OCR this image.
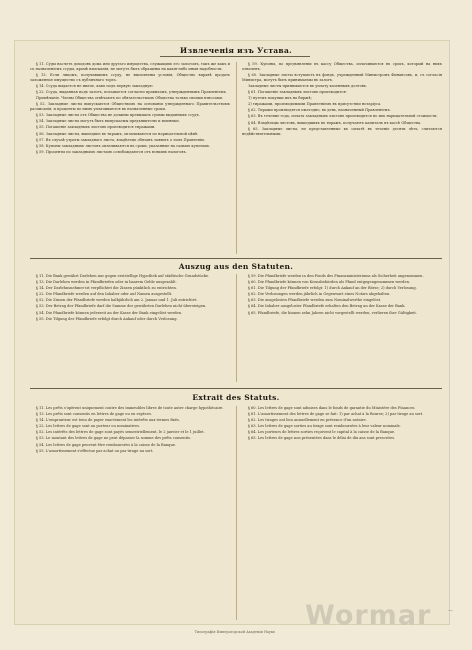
Извлеченія изъ Устава.

§ 11. Суды насчетъ доходовъ дома или другаго имущества, служащихъ его залогомъ, такъ же какъ и съ назначеніемъ ссуды, кромѣ взысканія, не могутъ быть обращены на какія-либо иныя надобности.

§ 13. Если лицомъ, получившимъ ссуду, не выполнены условія, Общество вправѣ продать заложенное имущество съ публичнаго торга.

§ 14. Ссуда выдается не иначе, какъ подъ первую закладную.

§ 22. Ссуда, выданная подъ залогъ, погашается согласно правиламъ, утвержденнымъ Правленіемъ.

Примѣчаніе. Члены Общества отвѣчаютъ по обязательствамъ Общества только своими взносами.

§ 52. Закладные листы выпускаются Обществомъ на основаніи утвержденнаго Правительствомъ расписанія, и проценты по нимъ уплачиваются въ назначенные сроки.

§ 53. Закладные листы отъ Общества не должны превышать суммы выданныхъ ссудъ.

§ 54. Закладные листы могутъ быть выпускаемы предъявителю и именные.

§ 55. Погашеніе закладныхъ листовъ производится тиражами.

§ 56. Закладные листы, вышедшіе въ тиражъ, оплачиваются по нарицательной цѣнѣ.

§ 57. Въ случаѣ утраты закладнаго листа, владѣлецъ обязанъ заявить о томъ Правленію.

§ 58. Купоны закладныхъ листовъ оплачиваются въ сроки, указанные на самыхъ купонахъ.

§ 59. Проценты по закладнымъ листамъ освобождаются отъ всякихъ налоговъ.

§ 59. Купоны, по предъявленіи въ кассу Общества, оплачиваются въ срокъ, который на нихъ означенъ.

§ 60. Закладные листы вступаютъ въ фондъ, учрежденный Министромъ Финансовъ, и, съ согласія Министра, могутъ быть принимаемы въ залогъ.

Закладные листы принимаются въ уплату казенныхъ долговъ.

§ 61. Погашеніе закладныхъ листовъ производится:

1) путемъ покупки ихъ на биржѣ;

2) тиражами, производимыми Правленіемъ въ присутствіи нотаріуса.

§ 62. Тиражи производятся ежегодно, въ день, назначенный Правленіемъ.

§ 63. Въ течение года, оплата закладныхъ листовъ производится по ихъ нарицательной стоимости.

§ 64. Владѣльцы листовъ, вышедшихъ въ тиражъ, получаютъ капиталъ въ кассѣ Общества.

§ 65. Закладные листы, не представленные къ оплатѣ въ теченіе десяти лѣтъ, считаются недѣйствительными.

Auszug aus den Statuten.

§ 11. Die Bank gewährt Darlehen nur gegen erststellige Hypothek auf städtische Grundstücke.

§ 13. Die Darlehen werden in Pfandbriefen oder in baarem Gelde ausgezahlt.

§ 14. Der Darlehnsnehmer ist verpflichtet die Zinsen pünktlich zu entrichten.

§ 22. Die Pfandbriefe werden auf den Inhaber oder auf Namen ausgestellt.

§ 52. Die Zinsen der Pfandbriefe werden halbjährlich am 2. Januar und 1. Juli entrichtet.

§ 53. Der Betrag der Pfandbriefe darf die Summe der gewährten Darlehen nicht übersteigen.

§ 54. Die Pfandbriefe können jederzeit an der Kasse der Bank eingelöst werden.

§ 55. Die Tilgung der Pfandbriefe erfolgt durch Ankauf oder durch Verlosung.

§ 59. Die Pfandbriefe werden in den Fonds des Finanzministeriums als Sicherheit angenommen.

§ 60. Die Pfandbriefe können von Kronsbehörden als Pfand entgegengenommen werden.

§ 61. Die Tilgung der Pfandbriefe erfolgt: 1) durch Ankauf an der Börse; 2) durch Verlosung.

§ 62. Die Verlosungen werden jährlich in Gegenwart eines Notars abgehalten.

§ 63. Die ausgelosten Pfandbriefe werden zum Nominalwerthe eingelöst.

§ 64. Die Inhaber ausgeloster Pfandbriefe erhalten den Betrag an der Kasse der Bank.

§ 65. Pfandbriefe, die binnen zehn Jahren nicht vorgestellt werden, verlieren ihre Gültigkeit.

Extrait des Statuts.

§ 11. Les prêts s'opèrent uniquement contre des immeubles libres de toute autre charge hypothécaire.

§ 13. Les prêts sont consentis en lettres de gage ou en espèces.

§ 14. L'emprunteur est tenu de payer exactement les intérêts aux termes fixés.

§ 22. Les lettres de gage sont au porteur ou nominatives.

§ 52. Les intérêts des lettres de gage sont payés semestriellement, le 2 janvier et le 1 juillet.

§ 53. Le montant des lettres de gage ne peut dépasser la somme des prêts consentis.

§ 54. Les lettres de gage peuvent être remboursées à la caisse de la Banque.

§ 55. L'amortissement s'effectue par achat ou par tirage au sort.

§ 60. Les lettres de gage sont admises dans le fonds de garantie du Ministère des Finances.

§ 61. L'amortissement des lettres de gage se fait: 1) par achat à la Bourse; 2) par tirage au sort.

§ 62. Les tirages ont lieu annuellement en présence d'un notaire.

§ 63. Les lettres de gage sorties au tirage sont remboursées à leur valeur nominale.

§ 64. Les porteurs de lettres sorties reçoivent le capital à la caisse de la Banque.

§ 65. Les lettres de gage non présentées dans le délai de dix ans sont prescrites.

—
Типографія Императорской Академіи Наукъ
Wormar
